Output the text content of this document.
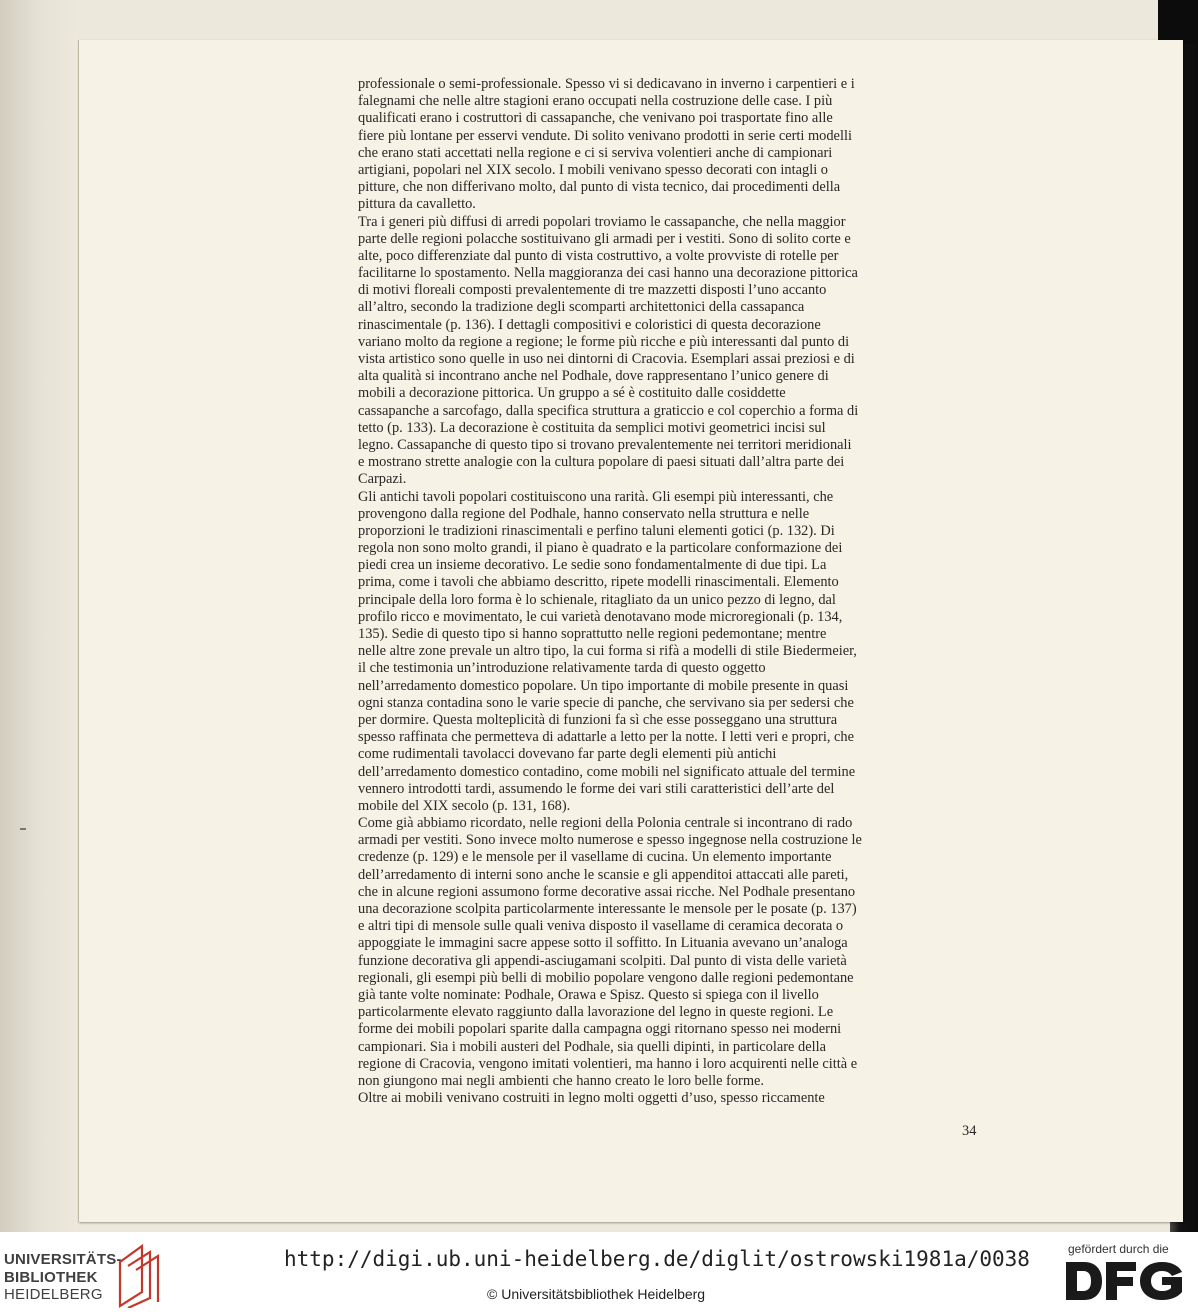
professionale o semi-professionale. Spesso vi si dedicavano in inverno i carpentieri e i
falegnami che nelle altre stagioni erano occupati nella costruzione delle case. I più
qualificati erano i costruttori di cassapanche, che venivano poi trasportate fino alle
fiere più lontane per esservi vendute. Di solito venivano prodotti in serie certi modelli
che erano stati accettati nella regione e ci si serviva volentieri anche di campionari
artigiani, popolari nel XIX secolo. I mobili venivano spesso decorati con intagli o
pitture, che non differivano molto, dal punto di vista tecnico, dai procedimenti della
pittura da cavalletto.
Tra i generi più diffusi di arredi popolari troviamo le cassapanche, che nella maggior
parte delle regioni polacche sostituivano gli armadi per i vestiti. Sono di solito corte e
alte, poco differenziate dal punto di vista costruttivo, a volte provviste di rotelle per
facilitarne lo spostamento. Nella maggioranza dei casi hanno una decorazione pittorica
di motivi floreali composti prevalentemente di tre mazzetti disposti l’uno accanto
all’altro, secondo la tradizione degli scomparti architettonici della cassapanca
rinascimentale (p. 136). I dettagli compositivi e coloristici di questa decorazione
variano molto da regione a regione; le forme più ricche e più interessanti dal punto di
vista artistico sono quelle in uso nei dintorni di Cracovia. Esemplari assai preziosi e di
alta qualità si incontrano anche nel Podhale, dove rappresentano l’unico genere di
mobili a decorazione pittorica. Un gruppo a sé è costituito dalle cosiddette
cassapanche a sarcofago, dalla specifica struttura a graticcio e col coperchio a forma di
tetto (p. 133). La decorazione è costituita da semplici motivi geometrici incisi sul
legno. Cassapanche di questo tipo si trovano prevalentemente nei territori meridionali
e mostrano strette analogie con la cultura popolare di paesi situati dall’altra parte dei
Carpazi.
Gli antichi tavoli popolari costituiscono una rarità. Gli esempi più interessanti, che
provengono dalla regione del Podhale, hanno conservato nella struttura e nelle
proporzioni le tradizioni rinascimentali e perfino taluni elementi gotici (p. 132). Di
regola non sono molto grandi, il piano è quadrato e la particolare conformazione dei
piedi crea un insieme decorativo. Le sedie sono fondamentalmente di due tipi. La
prima, come i tavoli che abbiamo descritto, ripete modelli rinascimentali. Elemento
principale della loro forma è lo schienale, ritagliato da un unico pezzo di legno, dal
profilo ricco e movimentato, le cui varietà denotavano mode microregionali (p. 134,
135). Sedie di questo tipo si hanno soprattutto nelle regioni pedemontane; mentre
nelle altre zone prevale un altro tipo, la cui forma si rifà a modelli di stile Biedermeier,
il che testimonia un’introduzione relativamente tarda di questo oggetto
nell’arredamento domestico popolare. Un tipo importante di mobile presente in quasi
ogni stanza contadina sono le varie specie di panche, che servivano sia per sedersi che
per dormire. Questa molteplicità di funzioni fa sì che esse posseggano una struttura
spesso raffinata che permetteva di adattarle a letto per la notte. I letti veri e propri, che
come rudimentali tavolacci dovevano far parte degli elementi più antichi
dell’arredamento domestico contadino, come mobili nel significato attuale del termine
vennero introdotti tardi, assumendo le forme dei vari stili caratteristici dell’arte del
mobile del XIX secolo (p. 131, 168).
Come già abbiamo ricordato, nelle regioni della Polonia centrale si incontrano di rado
armadi per vestiti. Sono invece molto numerose e spesso ingegnose nella costruzione le
credenze (p. 129) e le mensole per il vasellame di cucina. Un elemento importante
dell’arredamento di interni sono anche le scansie e gli appenditoi attaccati alle pareti,
che in alcune regioni assumono forme decorative assai ricche. Nel Podhale presentano
una decorazione scolpita particolarmente interessante le mensole per le posate (p. 137)
e altri tipi di mensole sulle quali veniva disposto il vasellame di ceramica decorata o
appoggiate le immagini sacre appese sotto il soffitto. In Lituania avevano un’analoga
funzione decorativa gli appendi-asciugamani scolpiti. Dal punto di vista delle varietà
regionali, gli esempi più belli di mobilio popolare vengono dalle regioni pedemontane
già tante volte nominate: Podhale, Orawa e Spisz. Questo si spiega con il livello
particolarmente elevato raggiunto dalla lavorazione del legno in queste regioni. Le
forme dei mobili popolari sparite dalla campagna oggi ritornano spesso nei moderni
campionari. Sia i mobili austeri del Podhale, sia quelli dipinti, in particolare della
regione di Cracovia, vengono imitati volentieri, ma hanno i loro acquirenti nelle città e
non giungono mai negli ambienti che hanno creato le loro belle forme.
Oltre ai mobili venivano costruiti in legno molti oggetti d’uso, spesso riccamente
34
UNIVERSITÄTS-
BIBLIOTHEK
HEIDELBERG
http://digi.ub.uni-heidelberg.de/diglit/ostrowski1981a/0038
© Universitätsbibliothek Heidelberg
gefördert durch die
